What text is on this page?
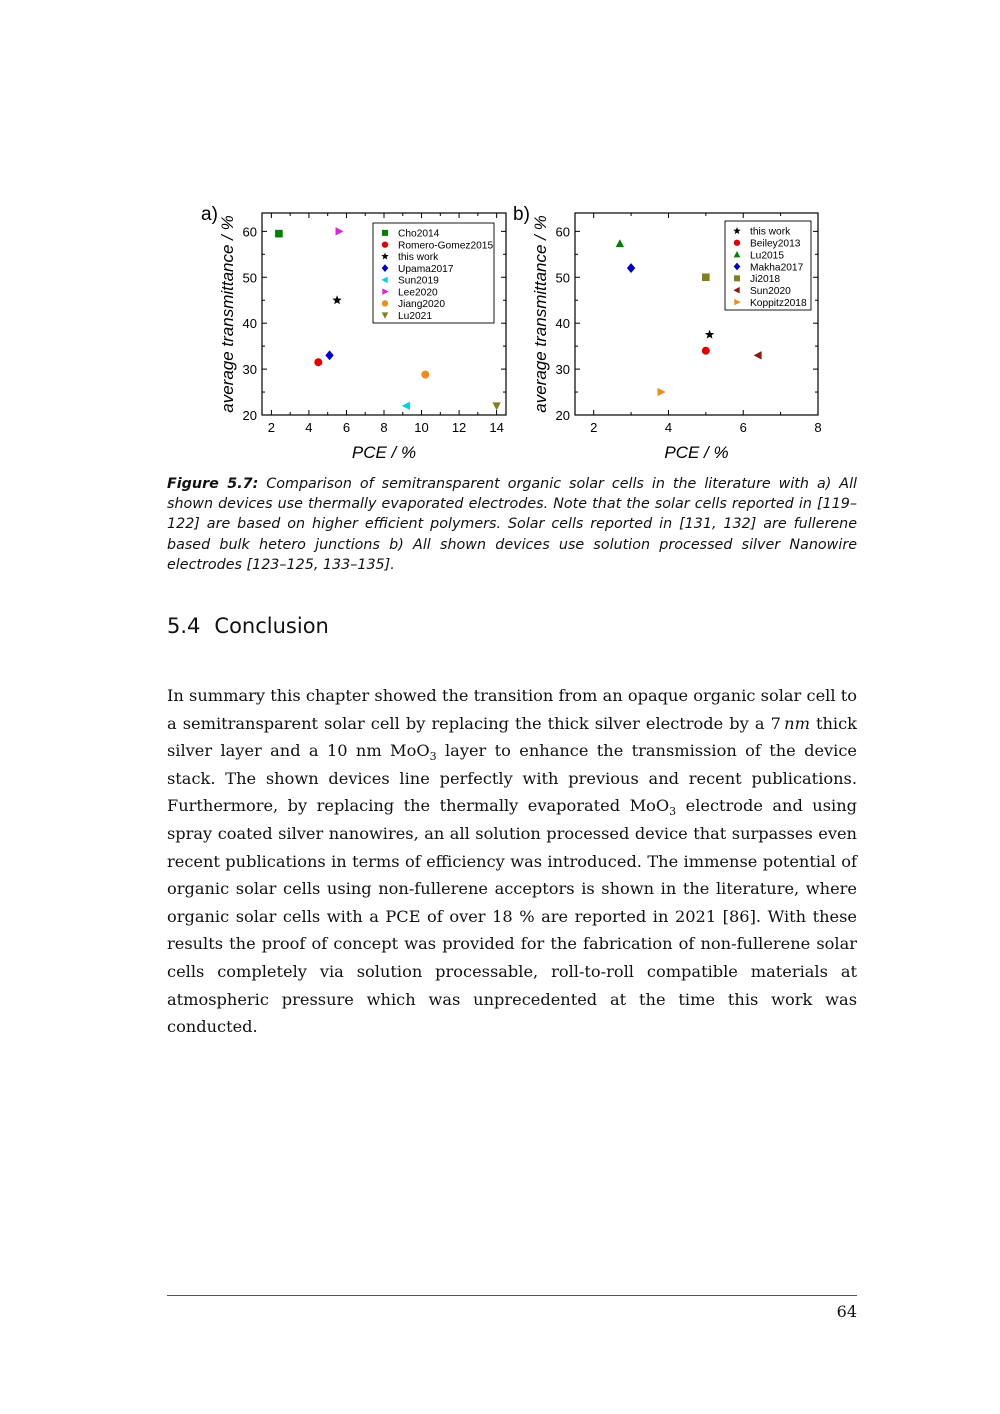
a)
2 4 6 8 10 12 14
20
30
40
50
60
PCE / %
average transmittance / %	Cho2014
Romero-Gomez2015
this work
Upama2017
Sun2019
Lee2020
Jiang2020
Lu2021
b)
2	4	6	8
20
30
40
50
60
PCE / %
average transmittance / %	this work
Beiley2013
Lu2015
Makha2017
Ji2018
Sun2020
Koppitz2018
Figure 5.7: Comparison of semitransparent organic solar cells in the literature with a) All shown devices use thermally evaporated electrodes. Note that the solar cells reported in [119–122] are based on higher efficient polymers. Solar cells reported in [131, 132] are fullerene based bulk hetero junctions b) All shown devices use solution processed silver Nanowire electrodes [123–125, 133–135].
5.4 Conclusion
In summary this chapter showed the transition from an opaque organic solar cell to a semitransparent solar cell by replacing the thick silver electrode by a 7  nm thick silver layer and a 10 nm MoO$_3$ layer to enhance the transmission of the device stack. The shown devices line perfectly with previous and recent publications. Furthermore, by replacing the thermally evaporated MoO$_3$ electrode and using spray coated silver nanowires, an all solution processed device that surpasses even recent publications in terms of efficiency was introduced. The immense potential of organic solar cells using non-fullerene acceptors is shown in the literature, where organic solar cells with a PCE of over 18 % are reported in 2021 [86]. With these results the proof of concept was provided for the fabrication of non-fullerene solar cells completely via solution processable, roll-to-roll compatible materials at atmospheric pressure which was unprecedented at the time this work was conducted.
64
